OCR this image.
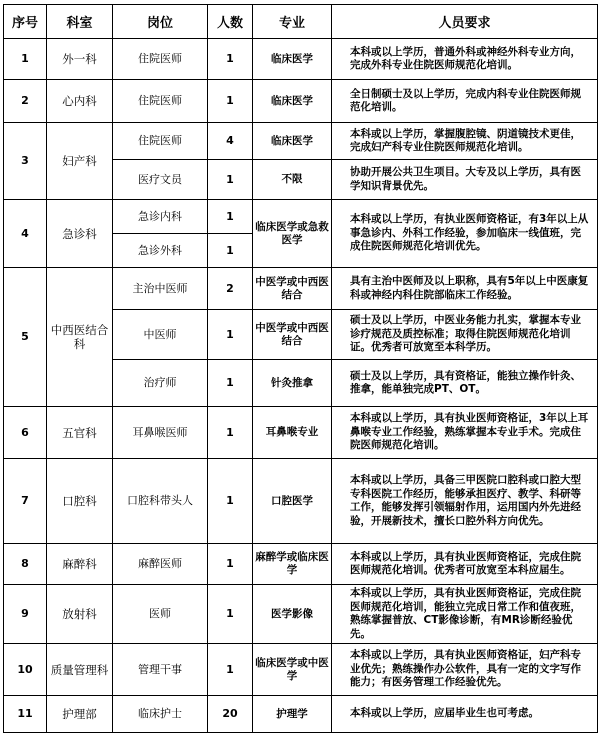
序号	科室	岗位	人数	专业	人员要求
1	外一科	住院医师	1	临床医学	本科或以上学历，普通外科或神经外科专业方向，完成外科专业住院医师规范化培训。
2	心内科	住院医师	1	临床医学	全日制硕士及以上学历，完成内科专业住院医师规范化培训。
3	妇产科	住院医师	4	临床医学	本科或以上学历，掌握腹腔镜、阴道镜技术更佳，完成妇产科专业住院医师规范化培训。
		医疗文员	1	不限	协助开展公共卫生项目。大专及以上学历，具有医学知识背景优先。
4	急诊科	急诊内科	1	临床医学或急救医学	本科或以上学历，有执业医师资格证，有3年以上从事急诊内、外科工作经验，参加临床一线值班，完成住院医师规范化培训优先。
		急诊外科	1		
5	中西医结合科	主治中医师	2	中医学或中西医结合	具有主治中医师及以上职称，具有5年以上中医康复科或神经内科住院部临床工作经验。
		中医师	1	中医学或中西医结合	硕士及以上学历，中医业务能力扎实，掌握本专业诊疗规范及质控标准；取得住院医师规范化培训证。优秀者可放宽至本科学历。
		治疗师	1	针灸推拿	硕士及以上学历，具有资格证，能独立操作针灸、推拿，能单独完成PT、OT。
6	五官科	耳鼻喉医师	1	耳鼻喉专业	本科或以上学历，具有执业医师资格证，3年以上耳鼻喉专业工作经验，熟练掌握本专业手术。完成住院医师规范化培训。
7	口腔科	口腔科带头人	1	口腔医学	本科或以上学历，具备三甲医院口腔科或口腔大型专科医院工作经历，能够承担医疗、教学、科研等工作，能够发挥引领辐射作用，运用国内外先进经验，开展新技术，擅长口腔外科方向优先。
8	麻醉科	麻醉医师	1	麻醉学或临床医学	本科或以上学历，具有执业医师资格证，完成住院医师规范化培训。优秀者可放宽至本科应届生。
9	放射科	医师	1	医学影像	本科或以上学历，具有执业医师资格证，完成住院医师规范化培训，能独立完成日常工作和值夜班，熟练掌握普放、CT影像诊断，有MR诊断经验优先。
10	质量管理科	管理干事	1	临床医学或中医学	本科或以上学历，具有执业医师资格证，妇产科专业优先；熟练操作办公软件，具有一定的文字写作能力；有医务管理工作经验优先。
11	护理部	临床护士	20	护理学	本科或以上学历，应届毕业生也可考虑。
